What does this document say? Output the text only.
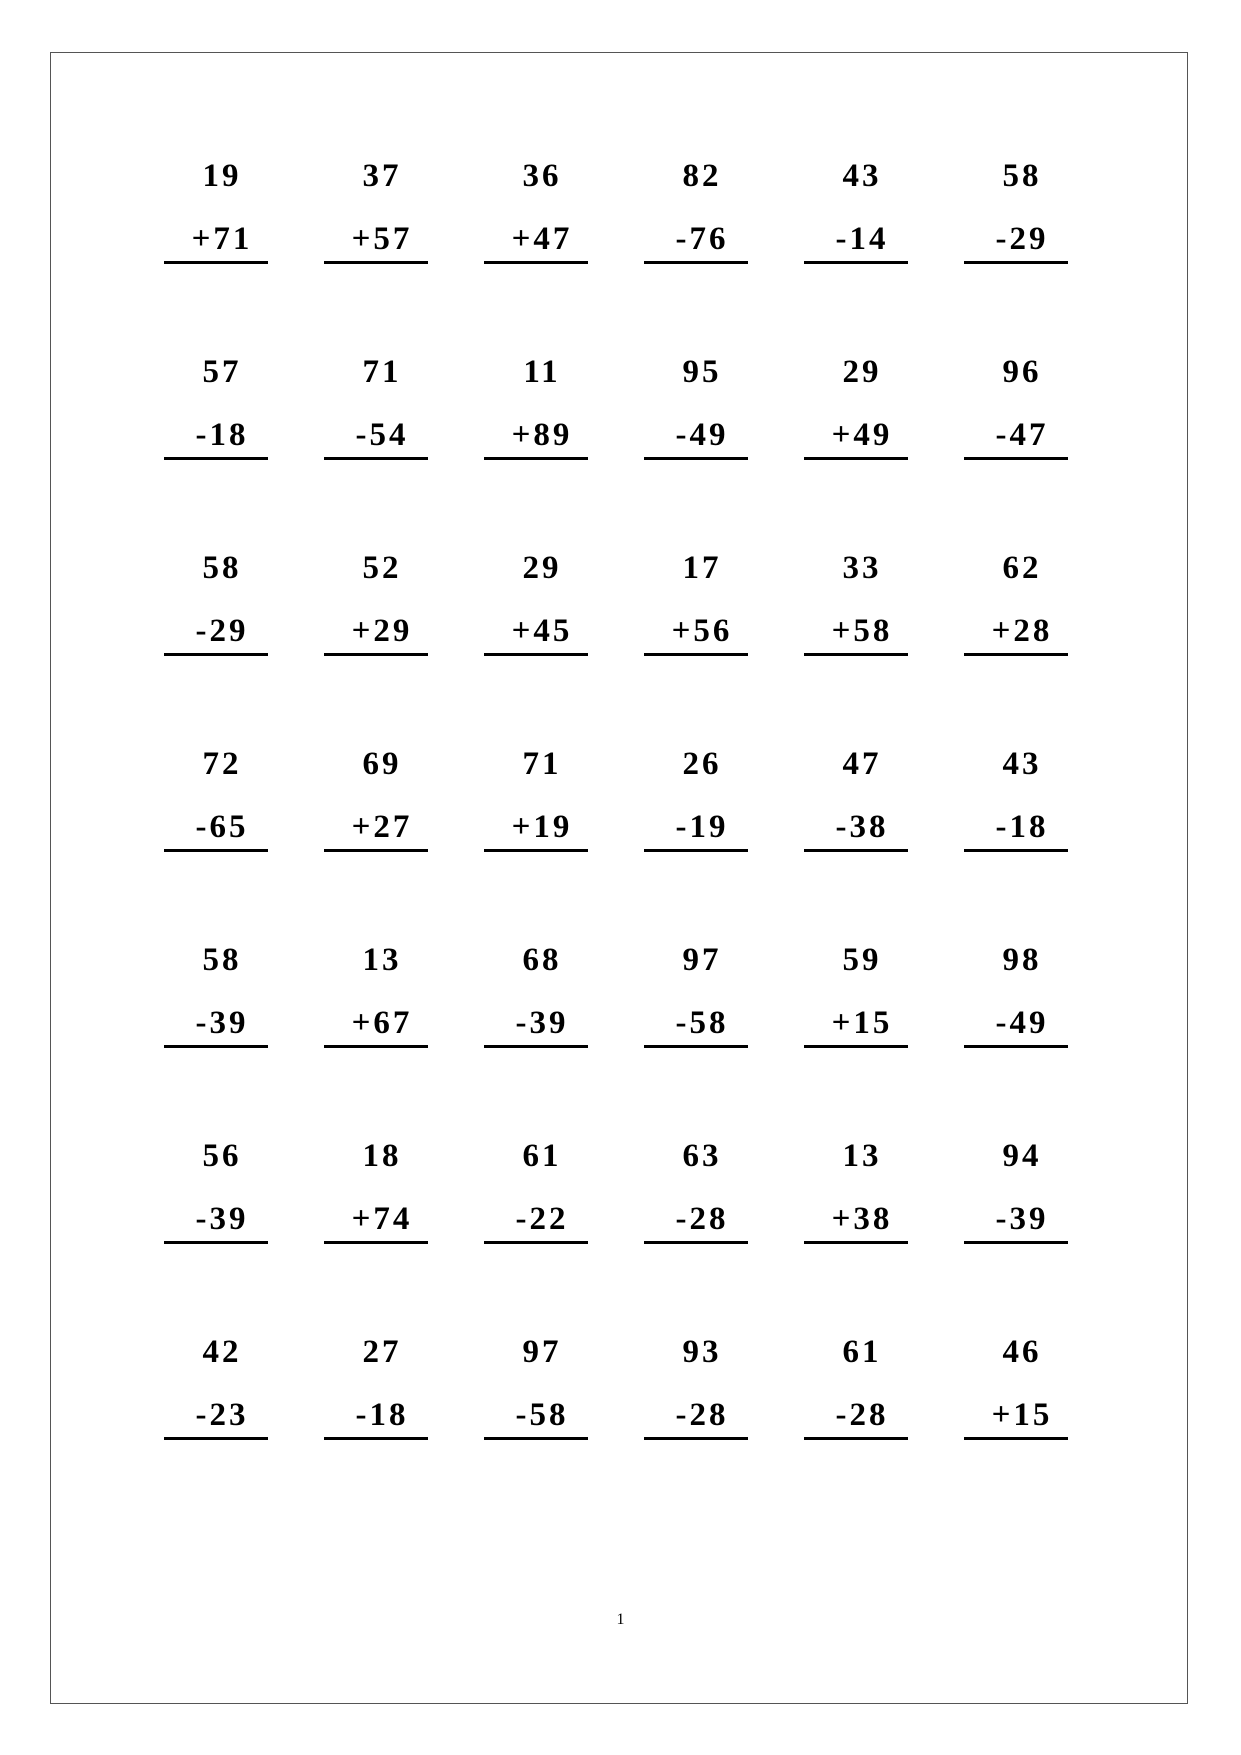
19
+71
37
+57
36
+47
82
-76
43
-14
58
-29
57
-18
71
-54
11
+89
95
-49
29
+49
96
-47
58
-29
52
+29
29
+45
17
+56
33
+58
62
+28
72
-65
69
+27
71
+19
26
-19
47
-38
43
-18
58
-39
13
+67
68
-39
97
-58
59
+15
98
-49
56
-39
18
+74
61
-22
63
-28
13
+38
94
-39
42
-23
27
-18
97
-58
93
-28
61
-28
46
+15
1
